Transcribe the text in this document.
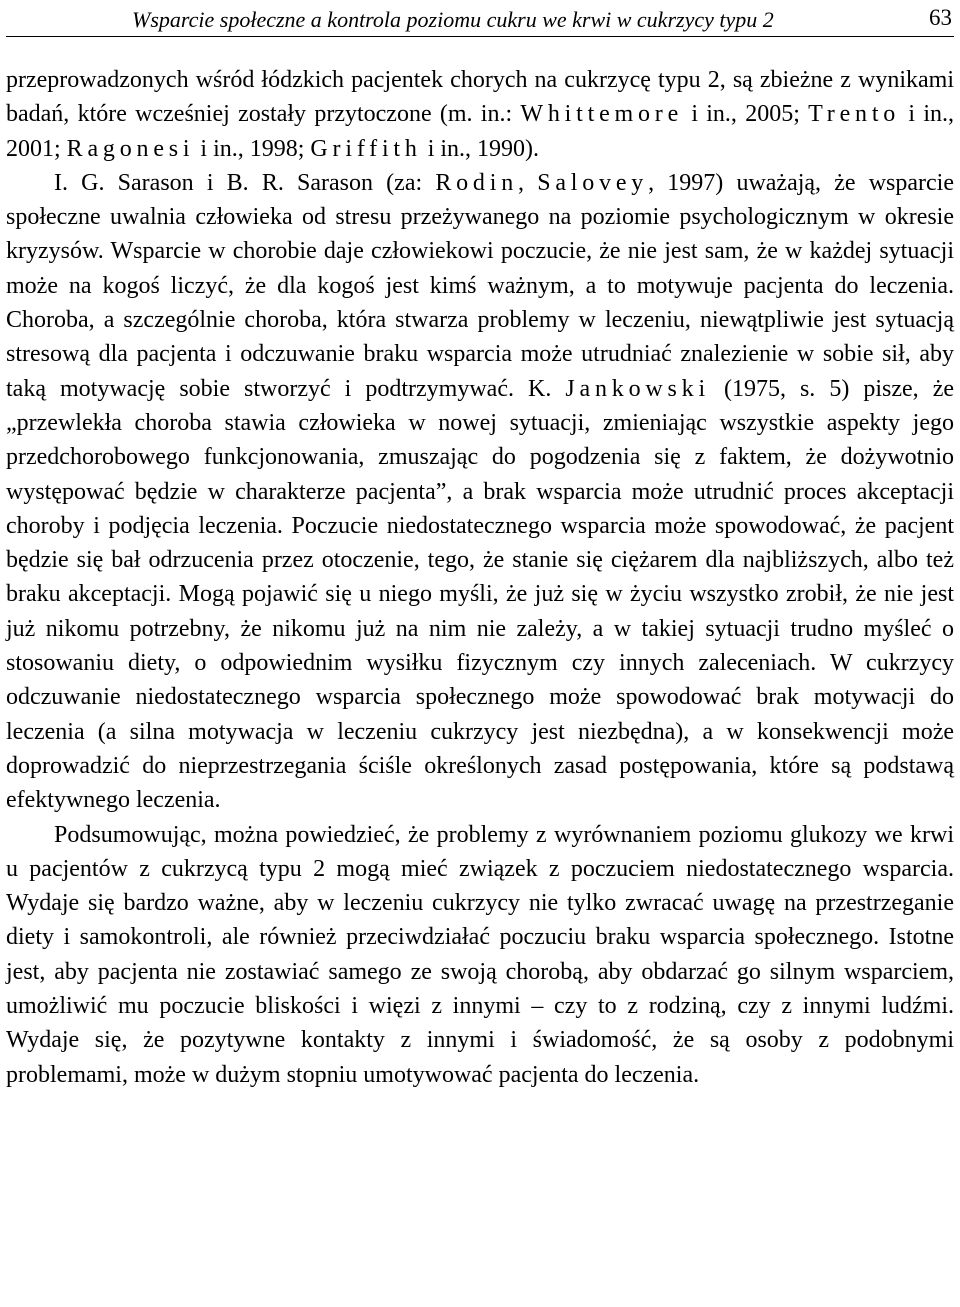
Wsparcie społeczne a kontrola poziomu cukru we krwi w cukrzycy typu 2	63

przeprowadzonych wśród łódzkich pacjentek chorych na cukrzycę typu 2, są zbieżne z wynikami badań, które wcześniej zostały przytoczone (m. in.: Whittemore i in., 2005; Trento i in., 2001; Ragonesi i in., 1998; Griffith i in., 1990).

I. G. Sarason i B. R. Sarason (za: Rodin, Salovey, 1997) uważają, że wsparcie społeczne uwalnia człowieka od stresu przeżywanego na poziomie psychologicznym w okresie kryzysów. Wsparcie w chorobie daje człowiekowi poczucie, że nie jest sam, że w każdej sytuacji może na kogoś liczyć, że dla kogoś jest kimś ważnym, a to motywuje pacjenta do leczenia. Choroba, a szczególnie choroba, która stwarza problemy w leczeniu, niewątpliwie jest sytuacją stresową dla pacjenta i odczuwanie braku wsparcia może utrudniać znalezienie w sobie sił, aby taką motywację sobie stworzyć i podtrzymywać. K. Jankowski (1975, s. 5) pisze, że „przewlekła choroba stawia człowieka w nowej sytuacji, zmieniając wszystkie aspekty jego przedchorobowego funkcjonowania, zmuszając do pogodzenia się z faktem, że dożywotnio występować będzie w charakterze pacjenta”, a brak wsparcia może utrudnić proces akceptacji choroby i podjęcia leczenia. Poczucie niedostatecznego wsparcia może spowodować, że pacjent będzie się bał odrzucenia przez otoczenie, tego, że stanie się ciężarem dla najbliższych, albo też braku akceptacji. Mogą pojawić się u niego myśli, że już się w życiu wszystko zrobił, że nie jest już nikomu potrzebny, że nikomu już na nim nie zależy, a w takiej sytuacji trudno myśleć o stosowaniu diety, o odpowiednim wysiłku fizycznym czy innych zaleceniach. W cukrzycy odczuwanie niedostatecznego wsparcia społecznego może spowodować brak motywacji do leczenia (a silna motywacja w leczeniu cukrzycy jest niezbędna), a w konsekwencji może doprowadzić do nieprzestrzegania ściśle określonych zasad postępowania, które są podstawą efektywnego leczenia.

Podsumowując, można powiedzieć, że problemy z wyrównaniem poziomu glukozy we krwi u pacjentów z cukrzycą typu 2 mogą mieć związek z poczuciem niedostatecznego wsparcia. Wydaje się bardzo ważne, aby w leczeniu cukrzycy nie tylko zwracać uwagę na przestrzeganie diety i samokontroli, ale również przeciwdziałać poczuciu braku wsparcia społecznego. Istotne jest, aby pacjenta nie zostawiać samego ze swoją chorobą, aby obdarzać go silnym wsparciem, umożliwić mu poczucie bliskości i więzi z innymi – czy to z rodziną, czy z innymi ludźmi. Wydaje się, że pozytywne kontakty z innymi i świadomość, że są osoby z podobnymi problemami, może w dużym stopniu umotywować pacjenta do leczenia.
